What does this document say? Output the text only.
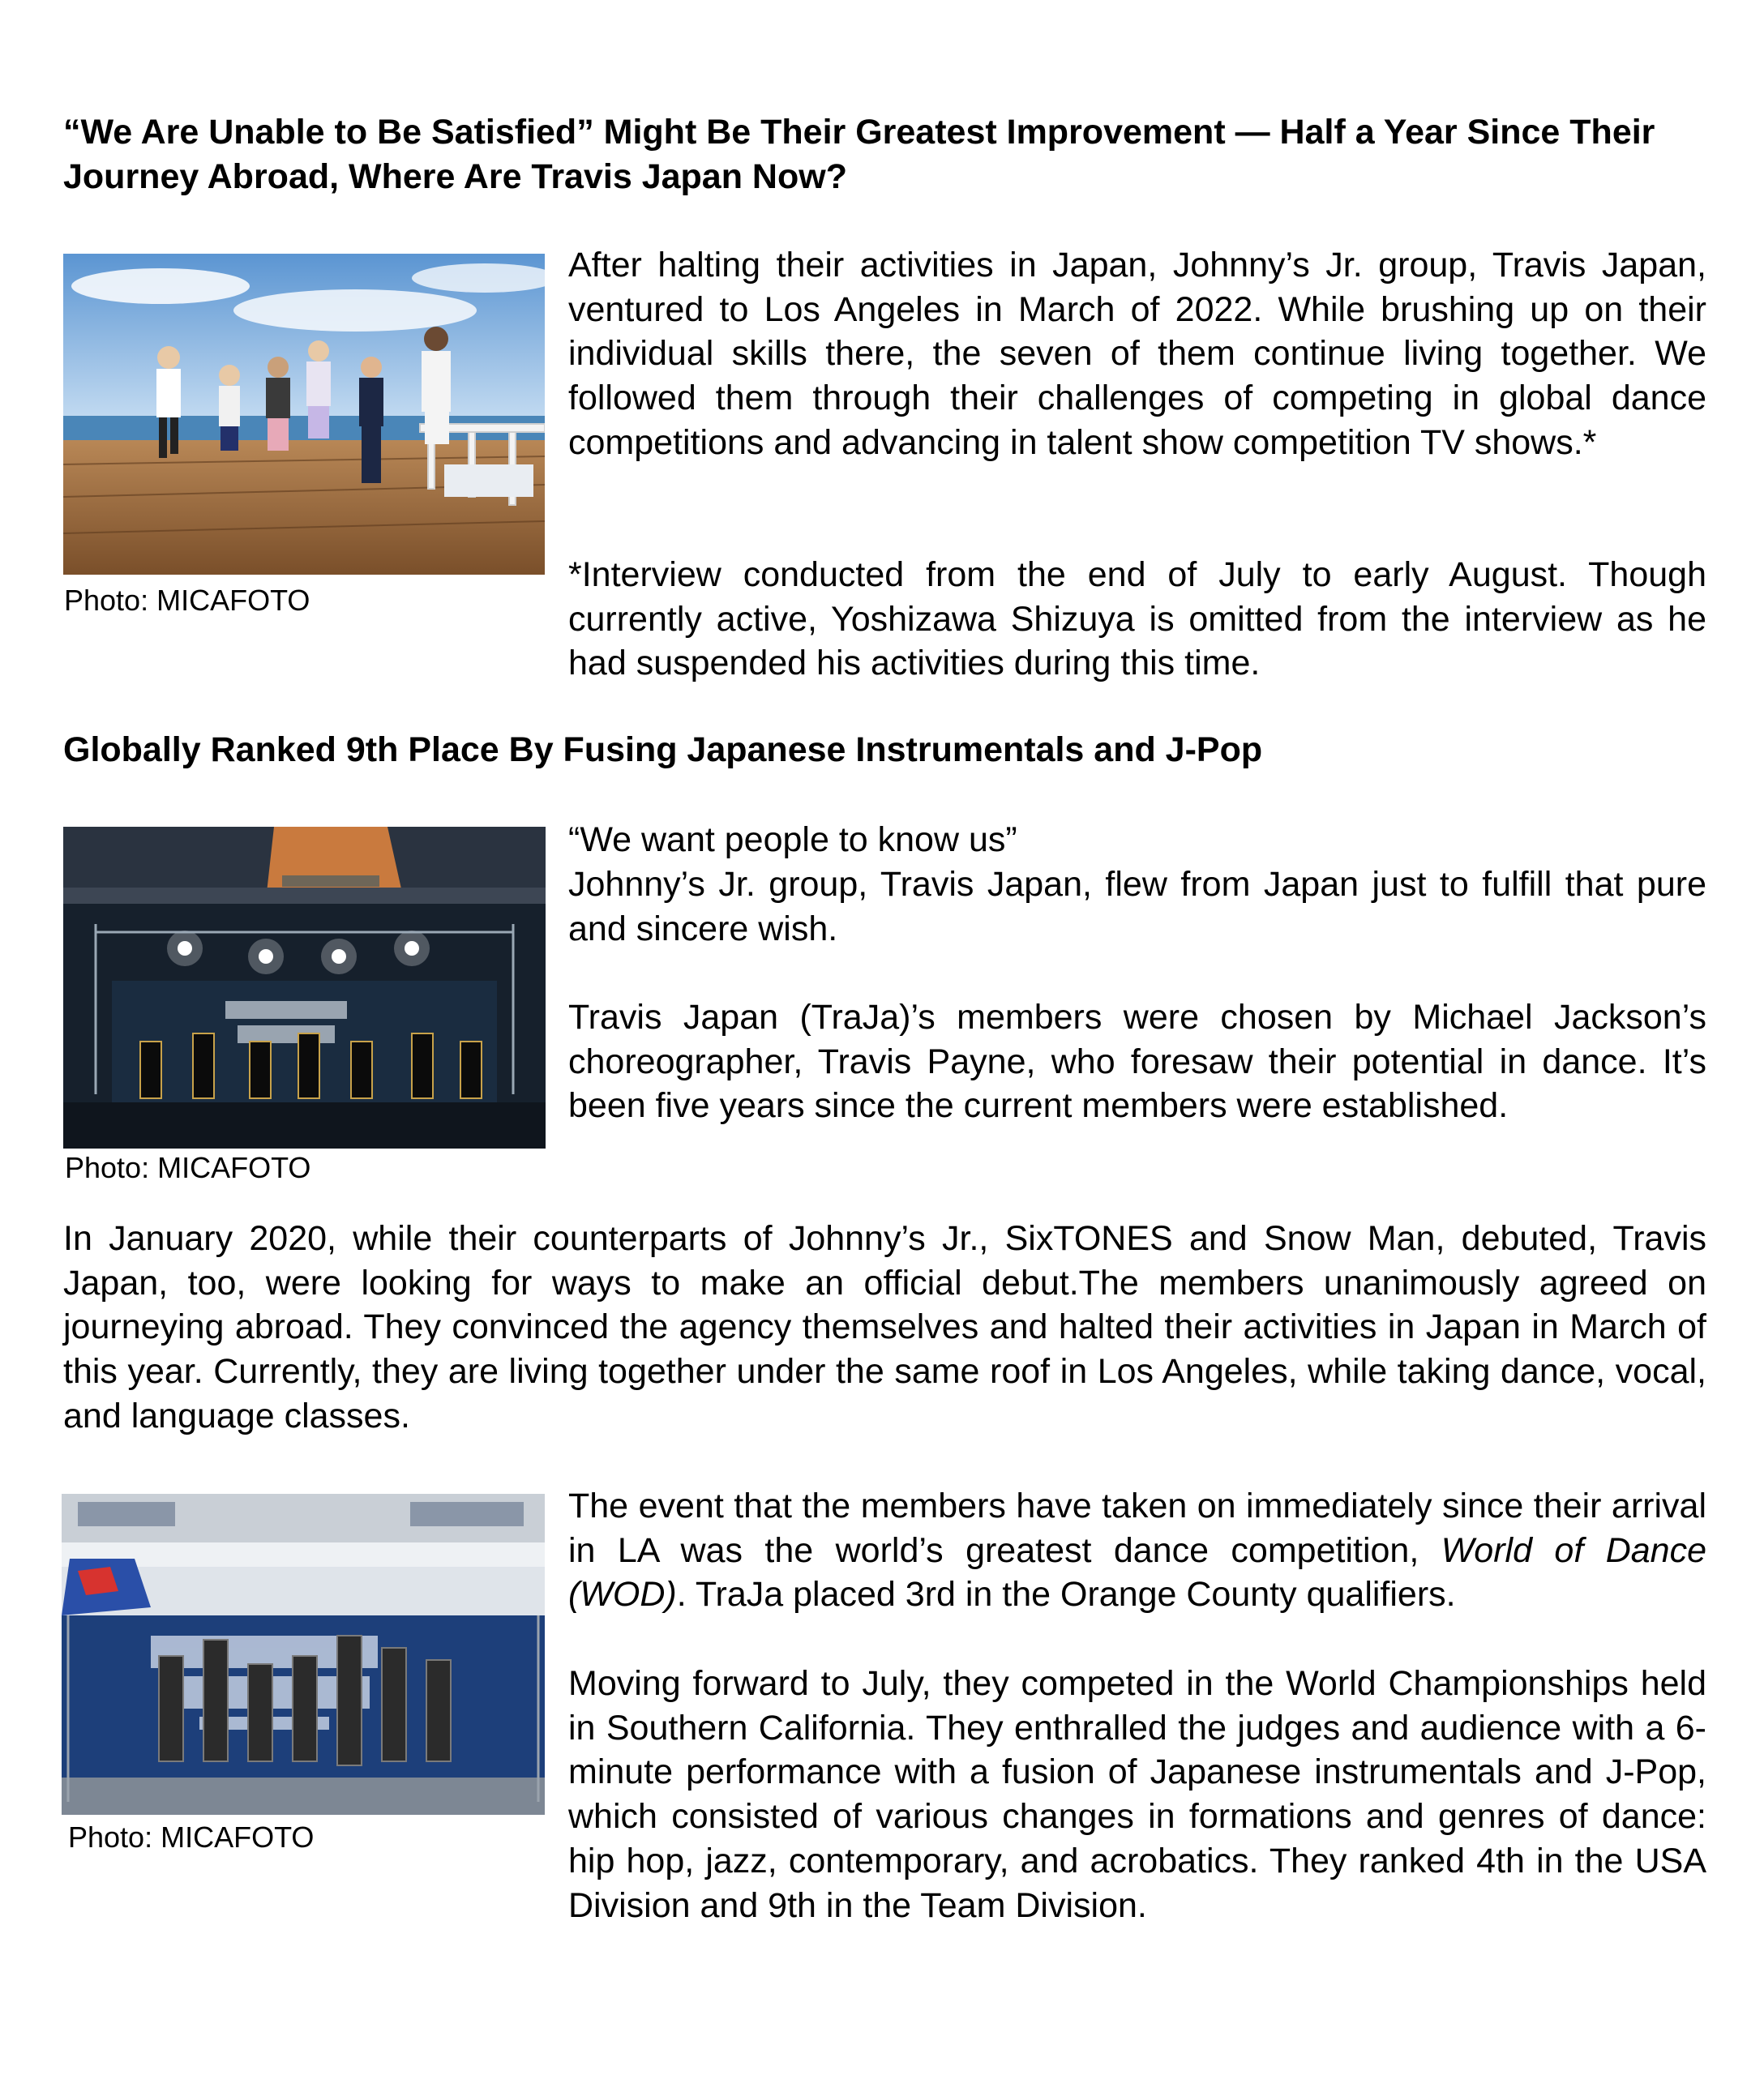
“We Are Unable to Be Satisfied” Might Be Their Greatest Improvement — Half a Year Since Their Journey Abroad, Where Are Travis Japan Now?

Photo: MICAFOTO

After halting their activities in Japan, Johnny’s Jr. group, Travis Japan, ventured to Los Angeles in March of 2022. While brushing up on their individual skills there, the seven of them continue living together. We followed them through their challenges of competing in global dance competitions and advancing in talent show competition TV shows.*

*Interview conducted from the end of July to early August. Though currently active, Yoshizawa Shizuya is omitted from the interview as he had suspended his activities during this time.

Globally Ranked 9th Place By Fusing Japanese Instrumentals and J-Pop

Photo: MICAFOTO

“We want people to know us”

Johnny’s Jr. group, Travis Japan, flew from Japan just to fulfill that pure and sincere wish.

Travis Japan (TraJa)’s members were chosen by Michael Jackson’s choreographer, Travis Payne, who foresaw their potential in dance. It’s been five years since the current members were established.

In January 2020, while their counterparts of Johnny’s Jr., SixTONES and Snow Man, debuted, Travis Japan, too, were looking for ways to make an official debut.The members unanimously agreed on journeying abroad. They convinced the agency themselves and halted their activities in Japan in March of this year. Currently, they are living together under the same roof in Los Angeles, while taking dance, vocal, and language classes.

Photo: MICAFOTO

The event that the members have taken on immediately since their arrival in LA was the world’s greatest dance competition, World of Dance (WOD). TraJa placed 3rd in the Orange County qualifiers.

Moving forward to July, they competed in the World Championships held in Southern California. They enthralled the judges and audience with a 6-minute performance with a fusion of Japanese instrumentals and J-Pop, which consisted of various changes in formations and genres of dance: hip hop, jazz, contemporary, and acrobatics. They ranked 4th in the USA Division and 9th in the Team Division.
